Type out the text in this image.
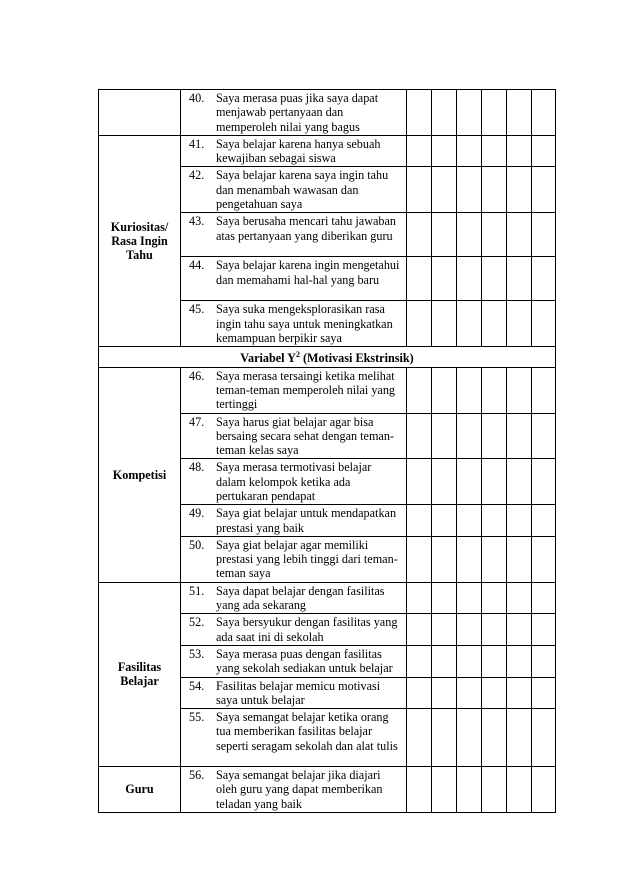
	40. Saya merasa puas jika saya dapat menjawab pertanyaan dan memperoleh nilai yang bagus						

Kuriositas/ Rasa Ingin Tahu	41. Saya belajar karena hanya sebuah kewajiban sebagai siswa						

	42. Saya belajar karena saya ingin tahu dan menambah wawasan dan pengetahuan saya						

	43. Saya berusaha mencari tahu jawaban atas pertanyaan yang diberikan guru						

	44. Saya belajar karena ingin mengetahui dan memahami hal-hal yang baru						

	45. Saya suka mengeksplorasikan rasa ingin tahu saya untuk meningkatkan kemampuan berpikir saya						

Variabel $Y^2$ (Motivasi Ekstrinsik)							
Kompetisi	46. Saya merasa tersaingi ketika melihat teman-teman memperoleh nilai yang tertinggi						

	47. Saya harus giat belajar agar bisa bersaing secara sehat dengan teman-teman kelas saya						

	48. Saya merasa termotivasi belajar dalam kelompok ketika ada pertukaran pendapat						

	49. Saya giat belajar untuk mendapatkan prestasi yang baik						

	50. Saya giat belajar agar memiliki prestasi yang lebih tinggi dari teman-teman saya						

Fasilitas Belajar	51. Saya dapat belajar dengan fasilitas yang ada sekarang						

	52. Saya bersyukur dengan fasilitas yang ada saat ini di sekolah						

	53. Saya merasa puas dengan fasilitas yang sekolah sediakan untuk belajar						

	54. Fasilitas belajar memicu motivasi saya untuk belajar						

	55. Saya semangat belajar ketika orang tua memberikan fasilitas belajar seperti seragam sekolah dan alat tulis						

Guru	56. Saya semangat belajar jika diajari oleh guru yang dapat memberikan teladan yang baik						
